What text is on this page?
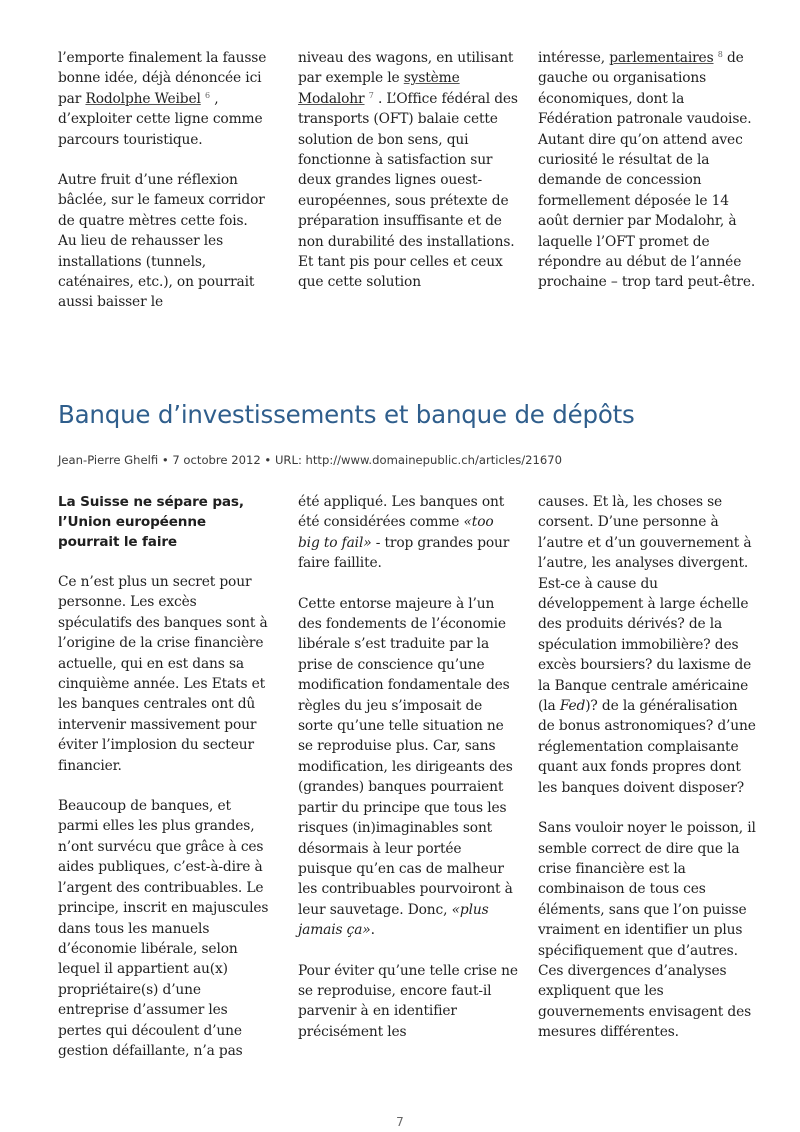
l’emporte finalement la fausse bonne idée, déjà dénoncée ici par Rodolphe Weibel $^6$ , d’exploiter cette ligne comme parcours touristique.

Autre fruit d’une réflexion bâclée, sur le fameux corridor de quatre mètres cette fois. Au lieu de rehausser les installations (tunnels, caténaires, etc.), on pourrait aussi baisser le

niveau des wagons, en utilisant par exemple le système Modalohr $^7$ . L’Office fédéral des transports (OFT) balaie cette solution de bon sens, qui fonctionne à satisfaction sur deux grandes lignes ouest-européennes, sous prétexte de préparation insuffisante et de non durabilité des installations. Et tant pis pour celles et ceux que cette solution

intéresse, parlementaires $^8$ de gauche ou organisations économiques, dont la Fédération patronale vaudoise. Autant dire qu’on attend avec curiosité le résultat de la demande de concession formellement déposée le 14 août dernier par Modalohr, à laquelle l’OFT promet de répondre au début de l’année prochaine – trop tard peut-être.

Banque d’investissements et banque de dépôts
Jean-Pierre Ghelfi • 7 octobre 2012 • URL: http://www.domainepublic.ch/articles/21670
La Suisse ne sépare pas, l’Union européenne pourrait le faire

Ce n’est plus un secret pour personne. Les excès spéculatifs des banques sont à l’origine de la crise financière actuelle, qui en est dans sa cinquième année. Les Etats et les banques centrales ont dû intervenir massivement pour éviter l’implosion du secteur financier.

Beaucoup de banques, et parmi elles les plus grandes, n’ont survécu que grâce à ces aides publiques, c’est-à-dire à l’argent des contribuables. Le principe, inscrit en majuscules dans tous les manuels d’économie libérale, selon lequel il appartient au(x) propriétaire(s) d’une entreprise d’assumer les pertes qui découlent d’une gestion défaillante, n’a pas

été appliqué. Les banques ont été considérées comme «too big to fail» - trop grandes pour faire faillite.

Cette entorse majeure à l’un des fondements de l’économie libérale s’est traduite par la prise de conscience qu’une modification fondamentale des règles du jeu s’imposait de sorte qu’une telle situation ne se reproduise plus. Car, sans modification, les dirigeants des (grandes) banques pourraient partir du principe que tous les risques (in)imaginables sont désormais à leur portée puisque qu’en cas de malheur les contribuables pourvoiront à leur sauvetage. Donc, «plus jamais ça».

Pour éviter qu’une telle crise ne se reproduise, encore faut-il parvenir à en identifier précisément les

causes. Et là, les choses se corsent. D’une personne à l’autre et d’un gouvernement à l’autre, les analyses divergent. Est-ce à cause du développement à large échelle des produits dérivés? de la spéculation immobilière? des excès boursiers? du laxisme de la Banque centrale américaine (la Fed)? de la généralisation de bonus astronomiques? d’une réglementation complaisante quant aux fonds propres dont les banques doivent disposer?

Sans vouloir noyer le poisson, il semble correct de dire que la crise financière est la combinaison de tous ces éléments, sans que l’on puisse vraiment en identifier un plus spécifiquement que d’autres. Ces divergences d’analyses expliquent que les gouvernements envisagent des mesures différentes.

7
